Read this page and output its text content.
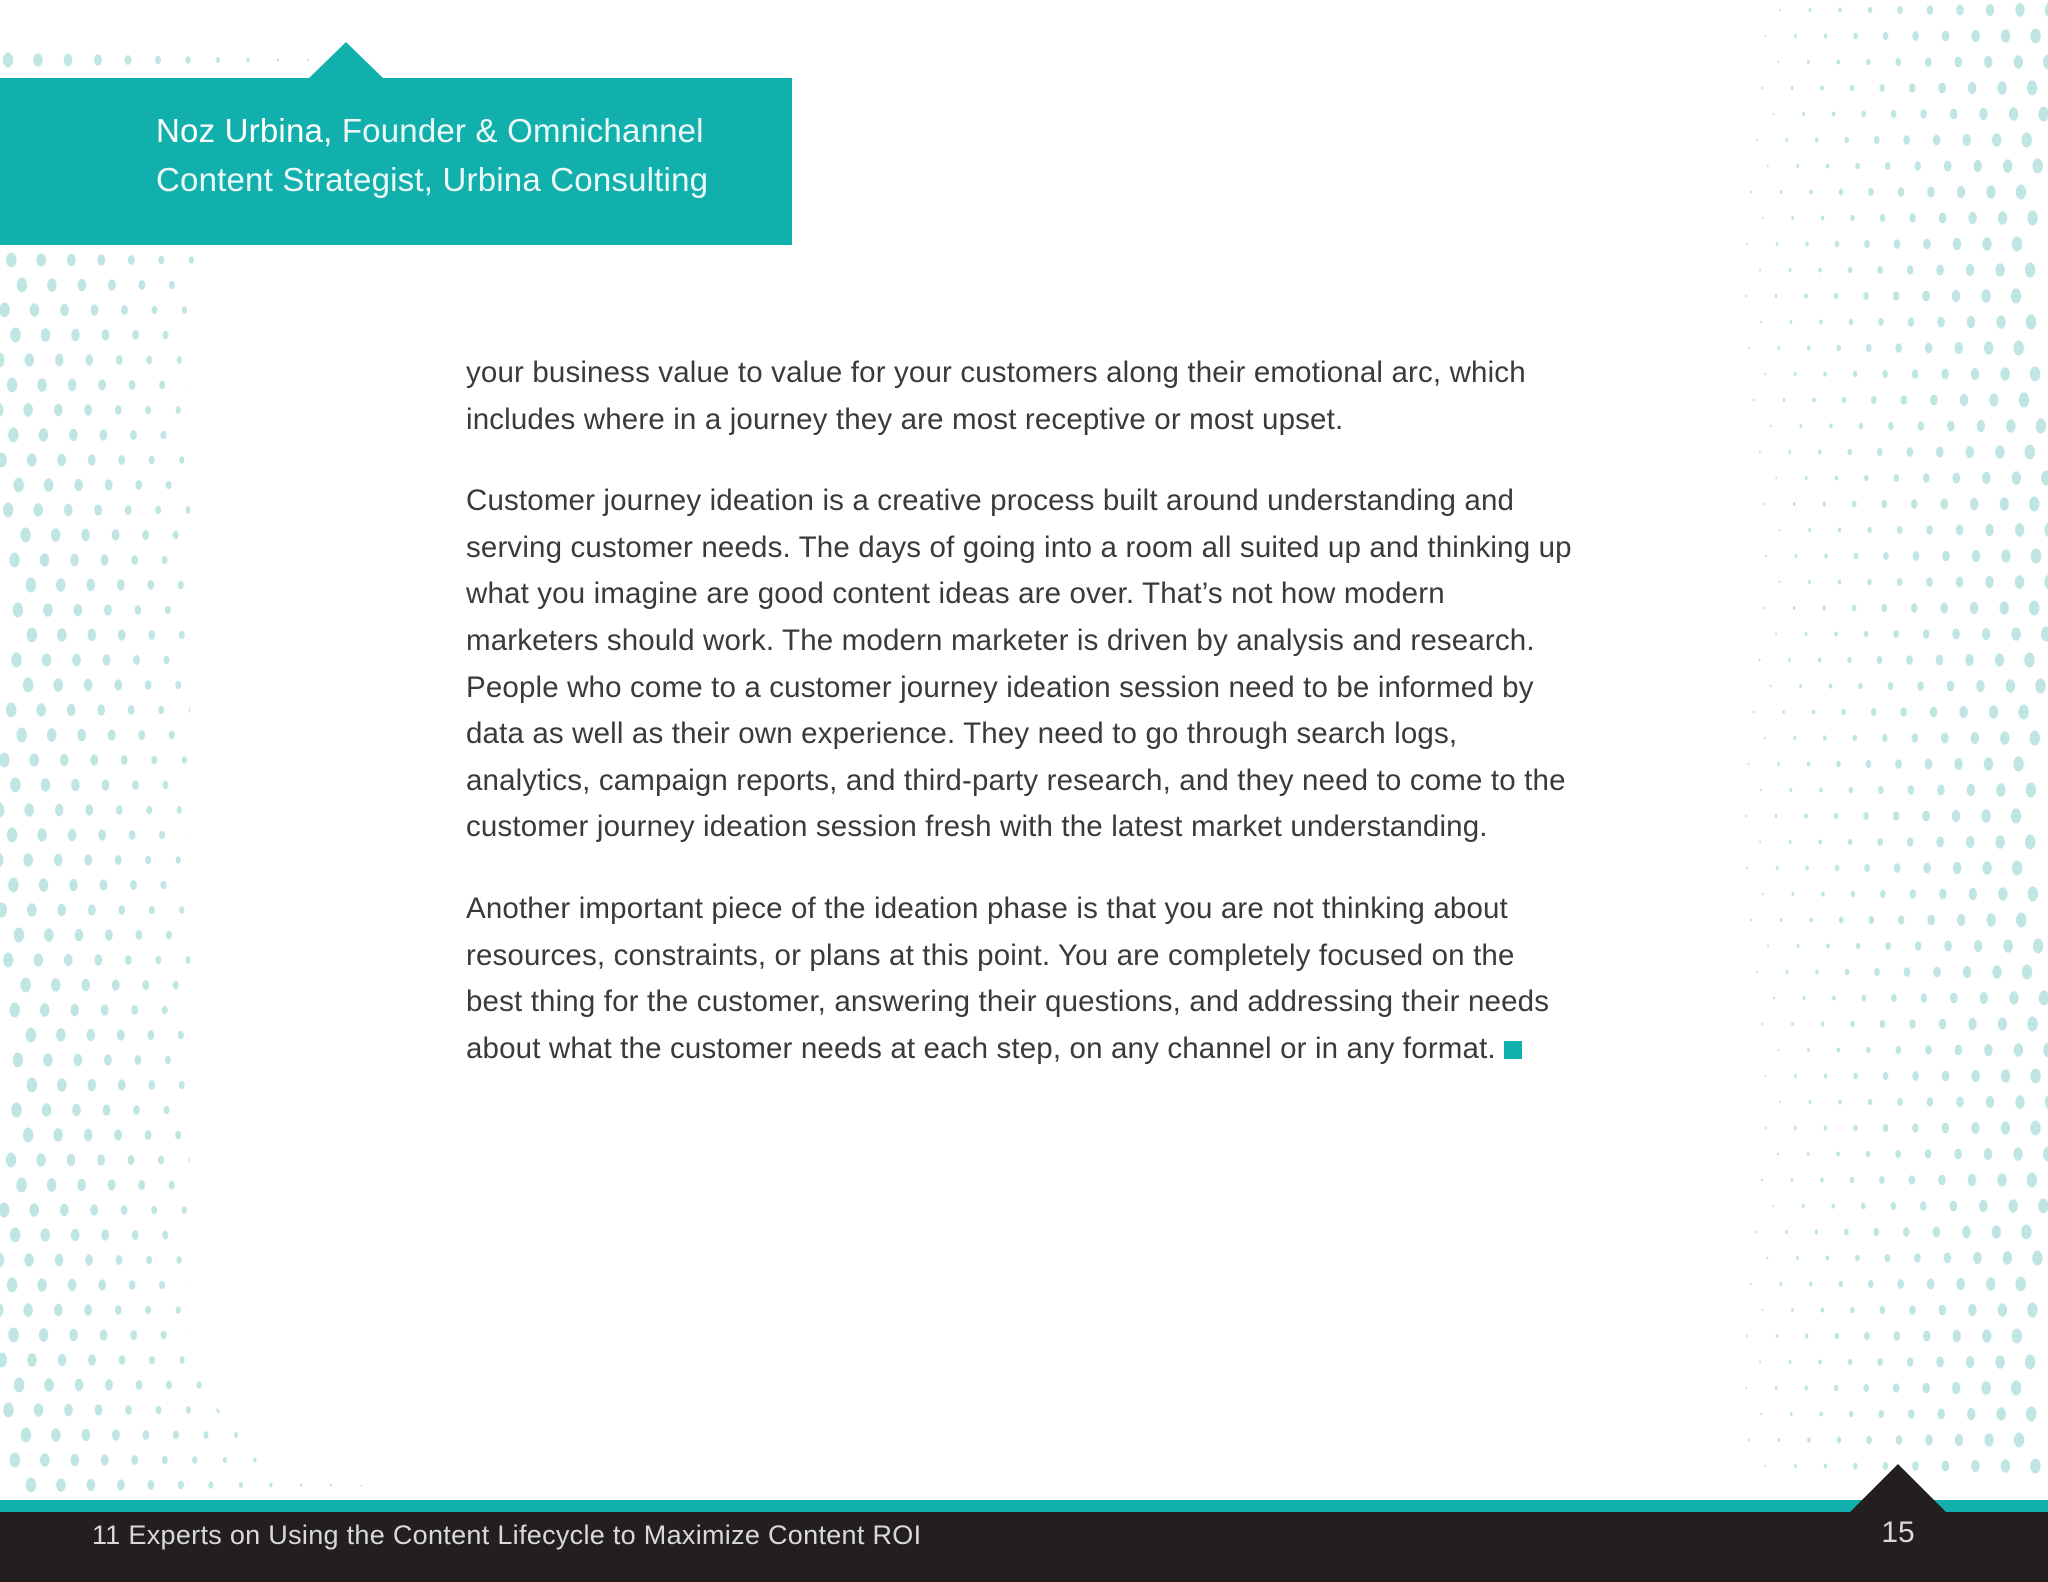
Noz Urbina, Founder & Omnichannel
Content Strategist, Urbina Consulting

your business value to value for your customers along their emotional arc, which includes where in a journey they are most receptive or most upset.

Customer journey ideation is a creative process built around understanding and serving customer needs. The days of going into a room all suited up and thinking up what you imagine are good content ideas are over. That’s not how modern marketers should work. The modern marketer is driven by analysis and research. People who come to a customer journey ideation session need to be informed by data as well as their own experience. They need to go through search logs, analytics, campaign reports, and third-party research, and they need to come to the customer journey ideation session fresh with the latest market understanding.

Another important piece of the ideation phase is that you are not thinking about resources, constraints, or plans at this point. You are completely focused on the best thing for the customer, answering their questions, and addressing their needs about what the customer needs at each step, on any channel or in any format.

11 Experts on Using the Content Lifecycle to Maximize Content ROI	15
